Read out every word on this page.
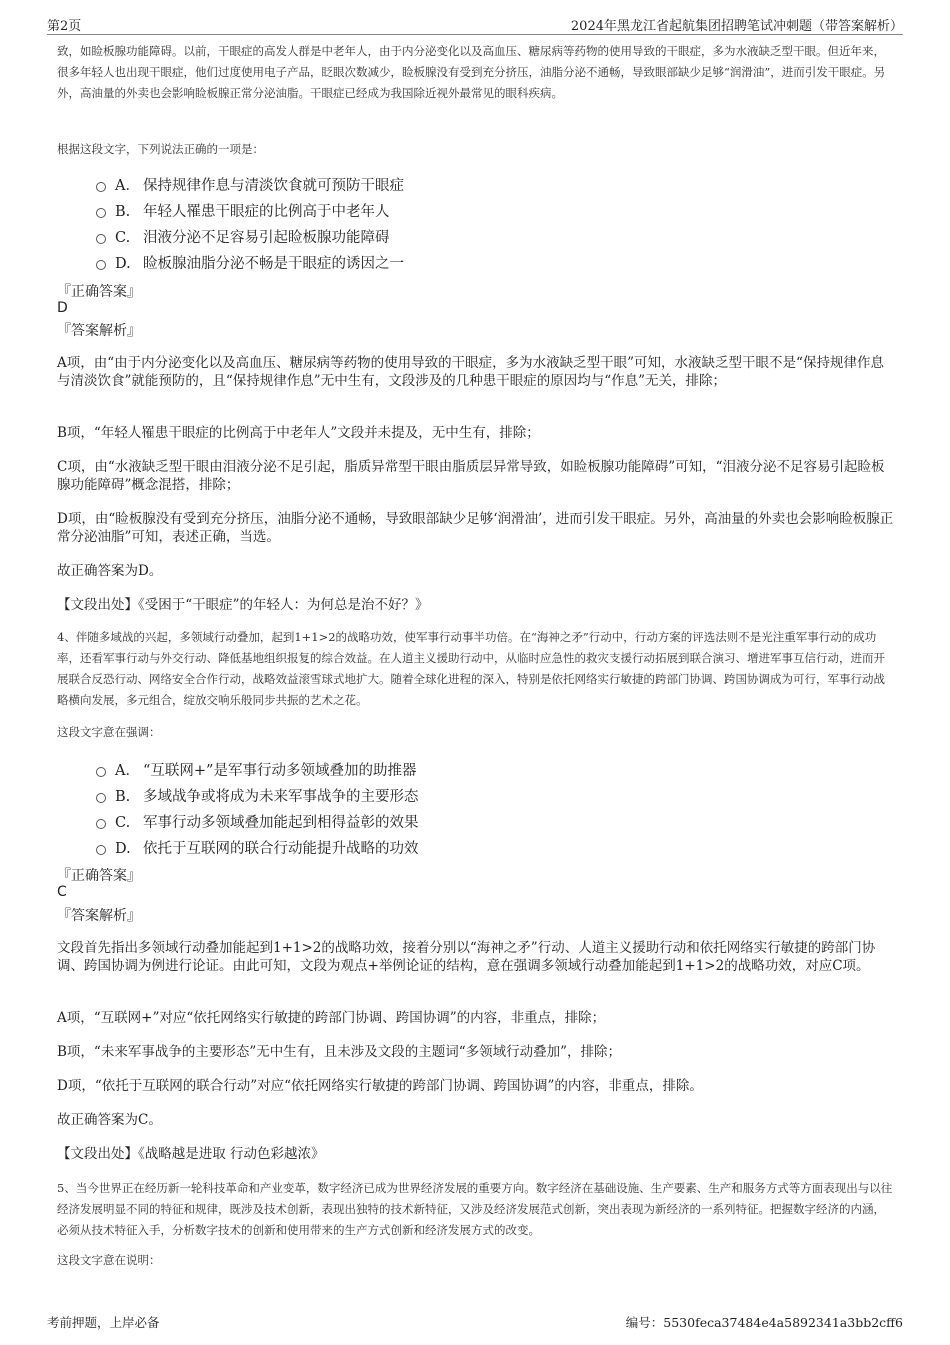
第2页	2024年黑龙江省起航集团招聘笔试冲刺题（带答案解析）

致，如睑板腺功能障碍。以前，干眼症的高发人群是中老年人，由于内分泌变化以及高血压、糖尿病等药物的使用导致的干眼症，多为水液缺乏型干眼。但近年来，很多年轻人也出现干眼症，他们过度使用电子产品，眨眼次数减少，睑板腺没有受到充分挤压，油脂分泌不通畅，导致眼部缺少足够“润滑油”，进而引发干眼症。另外，高油量的外卖也会影响睑板腺正常分泌油脂。干眼症已经成为我国除近视外最常见的眼科疾病。

根据这段文字，下列说法正确的一项是：

A． 保持规律作息与清淡饮食就可预防干眼症
B. 年轻人罹患干眼症的比例高于中老年人
C. 泪液分泌不足容易引起睑板腺功能障碍
D. 睑板腺油脂分泌不畅是干眼症的诱因之一
『正确答案』
D
『答案解析』

A项，由“由于内分泌变化以及高血压、糖尿病等药物的使用导致的干眼症，多为水液缺乏型干眼”可知，水液缺乏型干眼不是“保持规律作息与清淡饮食”就能预防的，且“保持规律作息”无中生有，文段涉及的几种患干眼症的原因均与“作息”无关，排除；

B项，“年轻人罹患干眼症的比例高于中老年人”文段并未提及，无中生有，排除；

C项，由“水液缺乏型干眼由泪液分泌不足引起，脂质异常型干眼由脂质层异常导致，如睑板腺功能障碍”可知，“泪液分泌不足容易引起睑板腺功能障碍”概念混搭，排除；

D项，由“睑板腺没有受到充分挤压，油脂分泌不通畅，导致眼部缺少足够‘润滑油’，进而引发干眼症。另外，高油量的外卖也会影响睑板腺正常分泌油脂”可知，表述正确，当选。

故正确答案为D。

【文段出处】《受困于“干眼症”的年轻人：为何总是治不好？》

4、伴随多域战的兴起，多领域行动叠加，起到1+1>2的战略功效，使军事行动事半功倍。在“海神之矛”行动中，行动方案的评选法则不是光注重军事行动的成功率，还看军事行动与外交行动、降低基地组织报复的综合效益。在人道主义援助行动中，从临时应急性的救灾支援行动拓展到联合演习、增进军事互信行动，进而开展联合反恐行动、网络安全合作行动，战略效益滚雪球式地扩大。随着全球化进程的深入，特别是依托网络实行敏捷的跨部门协调、跨国协调成为可行，军事行动战略横向发展，多元组合，绽放交响乐般同步共振的艺术之花。

这段文字意在强调：

A． “互联网+”是军事行动多领域叠加的助推器
B. 多域战争或将成为未来军事战争的主要形态
C. 军事行动多领域叠加能起到相得益彰的效果
D. 依托于互联网的联合行动能提升战略的功效
『正确答案』
C
『答案解析』

文段首先指出多领域行动叠加能起到1+1>2的战略功效，接着分别以“海神之矛”行动、人道主义援助行动和依托网络实行敏捷的跨部门协调、跨国协调为例进行论证。由此可知，文段为观点+举例论证的结构，意在强调多领域行动叠加能起到1+1>2的战略功效，对应C项。

A项，“互联网+”对应“依托网络实行敏捷的跨部门协调、跨国协调”的内容，非重点，排除；

B项，“未来军事战争的主要形态”无中生有，且未涉及文段的主题词“多领域行动叠加”，排除；

D项，“依托于互联网的联合行动”对应“依托网络实行敏捷的跨部门协调、跨国协调”的内容，非重点，排除。

故正确答案为C。

【文段出处】《战略越是进取 行动色彩越浓》

5、当今世界正在经历新一轮科技革命和产业变革，数字经济已成为世界经济发展的重要方向。数字经济在基础设施、生产要素、生产和服务方式等方面表现出与以往经济发展明显不同的特征和规律，既涉及技术创新，表现出独特的技术新特征，又涉及经济发展范式创新，突出表现为新经济的一系列特征。把握数字经济的内涵，必须从技术特征入手，分析数字技术的创新和使用带来的生产方式创新和经济发展方式的改变。

这段文字意在说明：

考前押题，上岸必备	编号：5530feca37484e4a5892341a3bb2cff6
